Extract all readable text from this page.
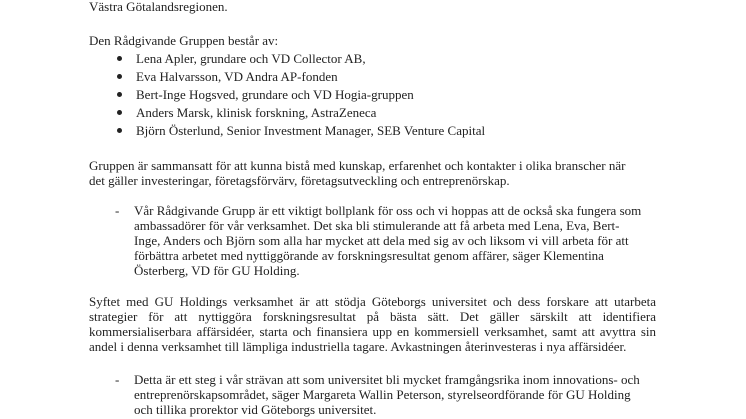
Västra Götalandsregionen.
Den Rådgivande Gruppen består av:
Lena Apler, grundare och VD Collector AB,
Eva Halvarsson, VD Andra AP-fonden
Bert-Inge Hogsved, grundare och VD Hogia-gruppen
Anders Marsk, klinisk forskning, AstraZeneca
Björn Österlund, Senior Investment Manager, SEB Venture Capital
Gruppen är sammansatt för att kunna bistå med kunskap, erfarenhet och kontakter i olika branscher när
det gäller investeringar, företagsförvärv, företagsutveckling och entreprenörskap.
- Vår Rådgivande Grupp är ett viktigt bollplank för oss och vi hoppas att de också ska fungera som
ambassadörer för vår verksamhet. Det ska bli stimulerande att få arbeta med Lena, Eva, Bert-
Inge, Anders och Björn som alla har mycket att dela med sig av och liksom vi vill arbeta för att
förbättra arbetet med nyttiggörande av forskningsresultat genom affärer, säger Klementina
Österberg, VD för GU Holding.
Syftet med GU Holdings verksamhet är att stödja Göteborgs universitet och dess forskare att utarbeta
strategier för att nyttiggöra forskningsresultat på bästa sätt. Det gäller särskilt att identifiera
kommersialiserbara affärsidéer, starta och finansiera upp en kommersiell verksamhet, samt att avyttra sin
andel i denna verksamhet till lämpliga industriella tagare. Avkastningen återinvesteras i nya affärsidéer.
- Detta är ett steg i vår strävan att som universitet bli mycket framgångsrika inom innovations- och
entreprenörskapsområdet, säger Margareta Wallin Peterson, styrelseordförande för GU Holding
och tillika prorektor vid Göteborgs universitet.
